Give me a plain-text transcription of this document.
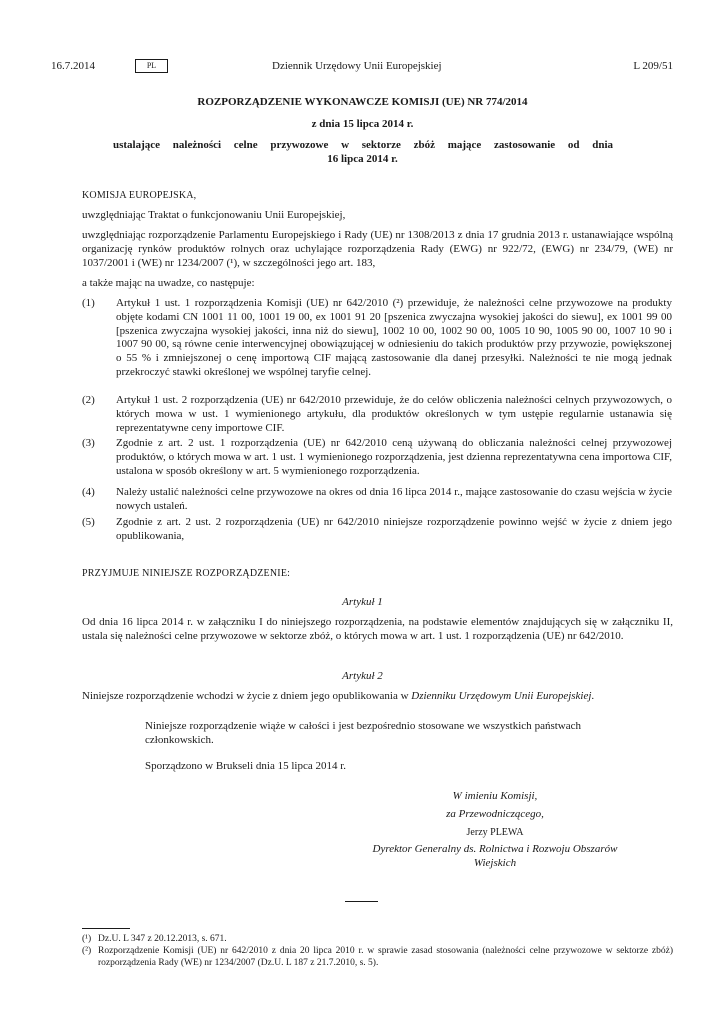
16.7.2014	PL	Dziennik Urzędowy Unii Europejskiej	L 209/51
ROZPORZĄDZENIE WYKONAWCZE KOMISJI (UE) NR 774/2014
z dnia 15 lipca 2014 r.
ustalające należności celne przywozowe w sektorze zbóż mające zastosowanie od dnia
16 lipca 2014 r.
KOMISJA EUROPEJSKA,
uwzględniając Traktat o funkcjonowaniu Unii Europejskiej,
uwzględniając rozporządzenie Parlamentu Europejskiego i Rady (UE) nr 1308/2013 z dnia 17 grudnia 2013 r. ustanawiające wspólną organizację rynków produktów rolnych oraz uchylające rozporządzenia Rady (EWG) nr 922/72, (EWG) nr 234/79, (WE) nr 1037/2001 i (WE) nr 1234/2007 (¹), w szczególności jego art. 183,
a także mając na uwadze, co następuje:
(1) Artykuł 1 ust. 1 rozporządzenia Komisji (UE) nr 642/2010 (²) przewiduje, że należności celne przywozowe na produkty objęte kodami CN 1001 11 00, 1001 19 00, ex 1001 91 20 [pszenica zwyczajna wysokiej jakości do siewu], ex 1001 99 00 [pszenica zwyczajna wysokiej jakości, inna niż do siewu], 1002 10 00, 1002 90 00, 1005 10 90, 1005 90 00, 1007 10 90 i 1007 90 00, są równe cenie interwencyjnej obowiązującej w odniesieniu do takich produktów przy przywozie, powiększonej o 55 % i zmniejszonej o cenę importową CIF mającą zastosowanie dla danej przesyłki. Należności te nie mogą jednak przekroczyć stawki określonej we wspólnej taryfie celnej.
(2) Artykuł 1 ust. 2 rozporządzenia (UE) nr 642/2010 przewiduje, że do celów obliczenia należności celnych przywozowych, o których mowa w ust. 1 wymienionego artykułu, dla produktów określonych w tym ustępie regularnie ustanawia się reprezentatywne ceny importowe CIF.
(3) Zgodnie z art. 2 ust. 1 rozporządzenia (UE) nr 642/2010 ceną używaną do obliczania należności celnej przywozowej produktów, o których mowa w art. 1 ust. 1 wymienionego rozporządzenia, jest dzienna reprezentatywna cena importowa CIF, ustalona w sposób określony w art. 5 wymienionego rozporządzenia.
(4) Należy ustalić należności celne przywozowe na okres od dnia 16 lipca 2014 r., mające zastosowanie do czasu wejścia w życie nowych ustaleń.
(5) Zgodnie z art. 2 ust. 2 rozporządzenia (UE) nr 642/2010 niniejsze rozporządzenie powinno wejść w życie z dniem jego opublikowania,
PRZYJMUJE NINIEJSZE ROZPORZĄDZENIE:
Artykuł 1
Od dnia 16 lipca 2014 r. w załączniku I do niniejszego rozporządzenia, na podstawie elementów znajdujących się w załączniku II, ustala się należności celne przywozowe w sektorze zbóż, o których mowa w art. 1 ust. 1 rozporządzenia (UE) nr 642/2010.
Artykuł 2
Niniejsze rozporządzenie wchodzi w życie z dniem jego opublikowania w Dzienniku Urzędowym Unii Europejskiej.
Niniejsze rozporządzenie wiąże w całości i jest bezpośrednio stosowane we wszystkich państwach członkowskich.
Sporządzono w Brukseli dnia 15 lipca 2014 r.
W imieniu Komisji,
za Przewodniczącego,
Jerzy PLEWA
Dyrektor Generalny ds. Rolnictwa i Rozwoju Obszarów
Wiejskich
(¹) Dz.U. L 347 z 20.12.2013, s. 671.
(²) Rozporządzenie Komisji (UE) nr 642/2010 z dnia 20 lipca 2010 r. w sprawie zasad stosowania (należności celne przywozowe w sektorze zbóż) rozporządzenia Rady (WE) nr 1234/2007 (Dz.U. L 187 z 21.7.2010, s. 5).
